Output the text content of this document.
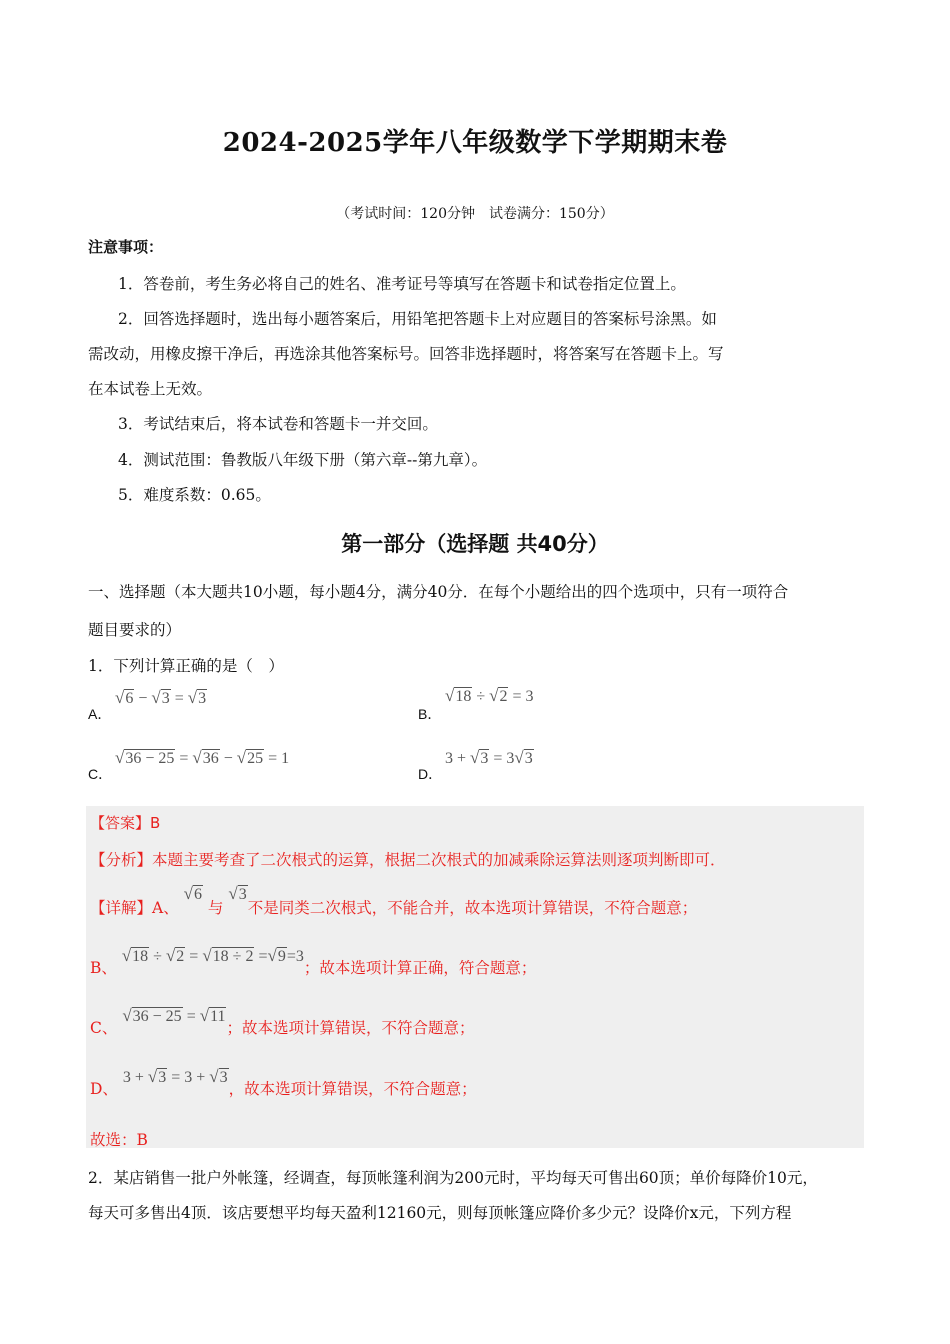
2024-2025学年八年级数学下学期期末卷
（考试时间：120分钟　试卷满分：150分）
注意事项：
1．答卷前，考生务必将自己的姓名、准考证号等填写在答题卡和试卷指定位置上。
2．回答选择题时，选出每小题答案后，用铅笔把答题卡上对应题目的答案标号涂黑。如
需改动，用橡皮擦干净后，再选涂其他答案标号。回答非选择题时，将答案写在答题卡上。写
在本试卷上无效。
3．考试结束后，将本试卷和答题卡一并交回。
4．测试范围：鲁教版八年级下册（第六章--第九章）。
5．难度系数：0.65。
第一部分（选择题 共40分）
一、选择题（本大题共10小题，每小题4分，满分40分．在每个小题给出的四个选项中，只有一项符合
题目要求的）
1．下列计算正确的是（　）
A．
√6 − √3 = √3
B．
√18 ÷ √2 = 3
C．
√36 − 25 = √36 − √25 = 1
D．
3 + √3 = 3√3
【答案】B
【分析】本题主要考查了二次根式的运算，根据二次根式的加减乘除运算法则逐项判断即可．
【详解】A、 √6 与 √3不是同类二次根式，不能合并，故本选项计算错误，不符合题意；
B、 √18 ÷ √2 = √18 ÷ 2 =√9=3；故本选项计算正确，符合题意；
C、 √36 − 25 = √11；故本选项计算错误，不符合题意；
D、 3 + √3 = 3 + √3，故本选项计算错误，不符合题意；
故选：B
2．某店销售一批户外帐篷，经调查，每顶帐篷利润为200元时，平均每天可售出60顶；单价每降价10元，
每天可多售出4顶．该店要想平均每天盈利12160元，则每顶帐篷应降价多少元？设降价x元，下列方程
